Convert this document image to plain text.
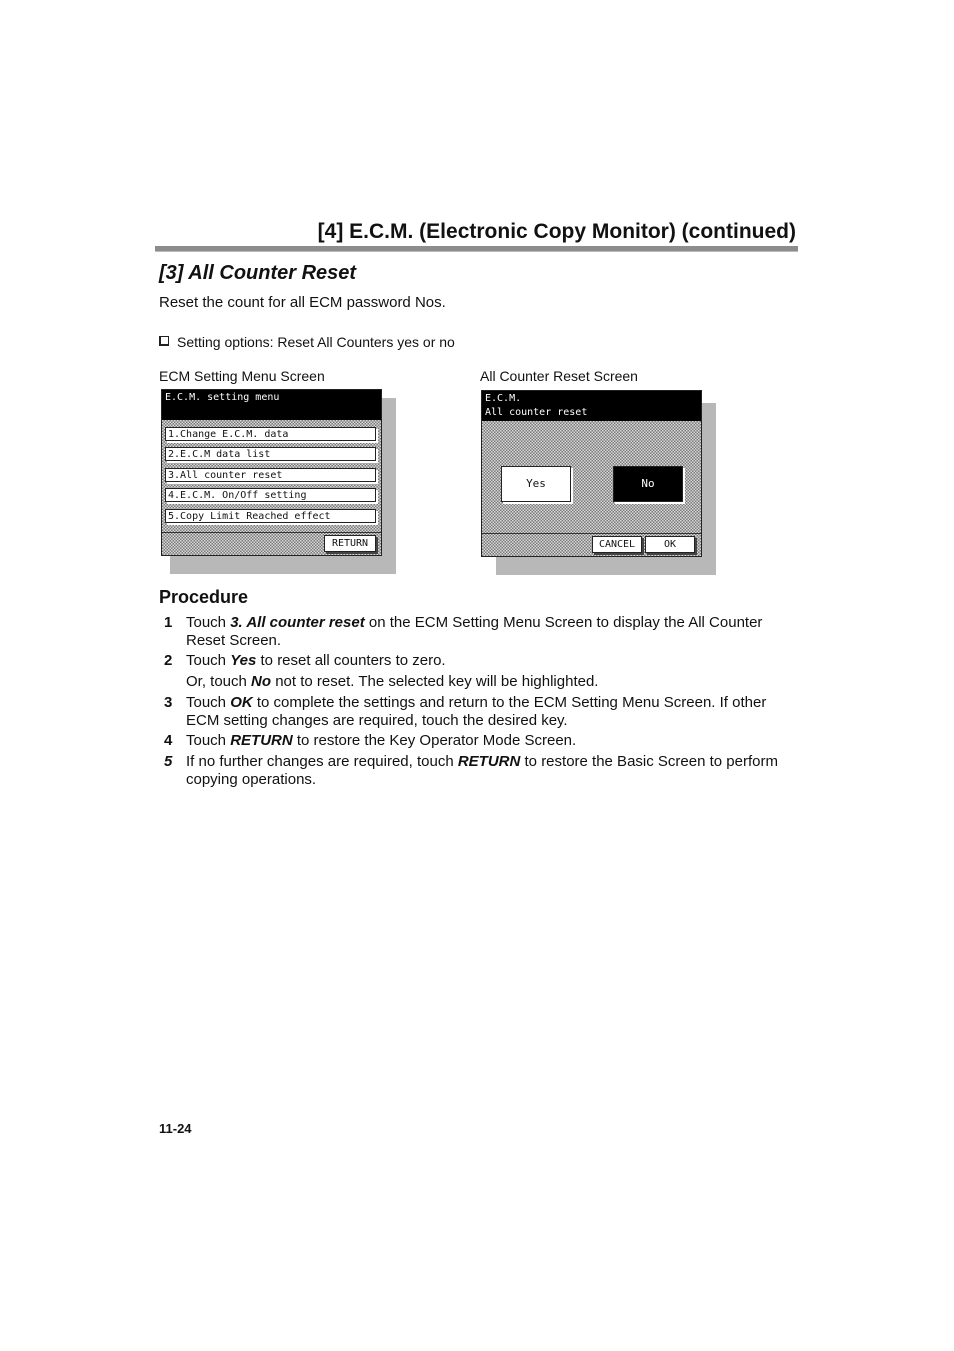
[4] E.C.M. (Electronic Copy Monitor) (continued)
[3] All Counter Reset
Reset the count for all ECM password Nos.
Setting options: Reset All Counters yes or no
ECM Setting Menu Screen	All Counter Reset Screen
E.C.M. setting menu
1.Change E.C.M. data
2.E.C.M data list
3.All counter reset
4.E.C.M. On/Off setting
5.Copy Limit Reached effect
RETURN
E.C.M.
All counter reset
Yes	No
CANCEL	OK
Procedure
1 Touch 3. All counter reset on the ECM Setting Menu Screen to display the All Counter Reset Screen.
2 Touch Yes to reset all counters to zero.
Or, touch No not to reset. The selected key will be highlighted.
3 Touch OK to complete the settings and return to the ECM Setting Menu Screen. If other ECM setting changes are required, touch the desired key.
4 Touch RETURN to restore the Key Operator Mode Screen.
5 If no further changes are required, touch RETURN to restore the Basic Screen to perform copying operations.
11-24
